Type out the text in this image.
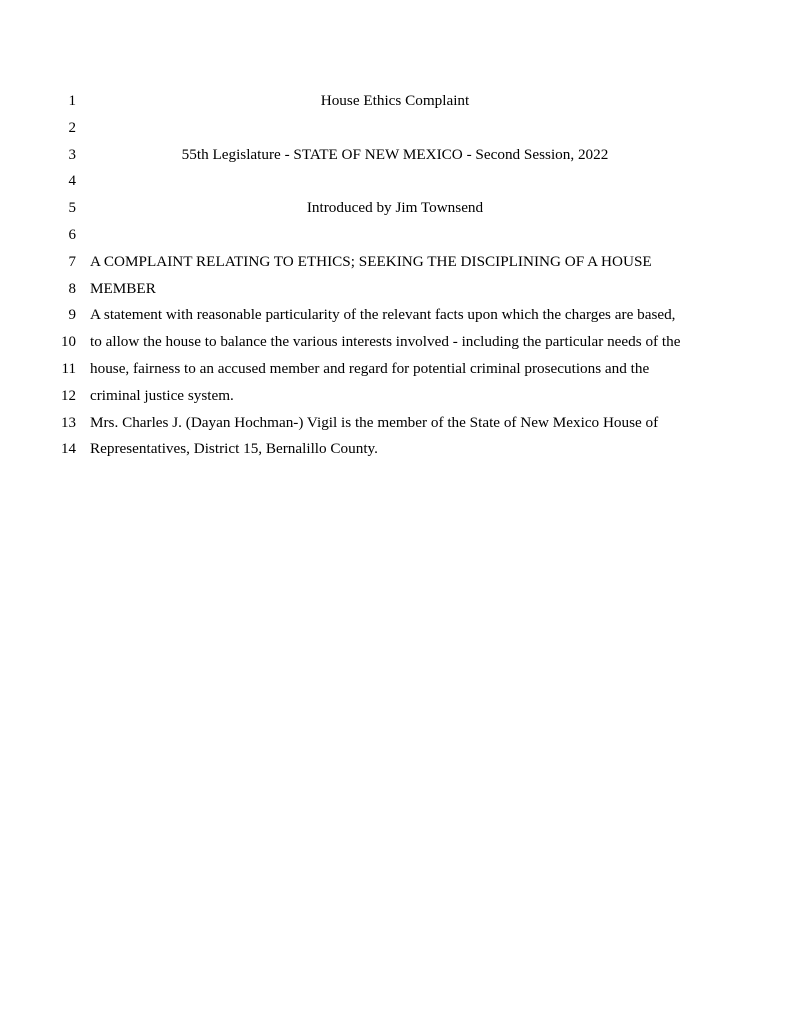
1	House Ethics Complaint
2
3	55th Legislature - STATE OF NEW MEXICO - Second Session, 2022
4
5	Introduced by Jim Townsend
6
7 A COMPLAINT RELATING TO ETHICS; SEEKING THE DISCIPLINING OF A HOUSE
8 MEMBER
9 A statement with reasonable particularity of the relevant facts upon which the charges are based,
10 to allow the house to balance the various interests involved - including the particular needs of the
11 house, fairness to an accused member and regard for potential criminal prosecutions and the
12 criminal justice system.
13 Mrs. Charles J. (Dayan Hochman-) Vigil is the member of the State of New Mexico House of
14 Representatives, District 15, Bernalillo County.
